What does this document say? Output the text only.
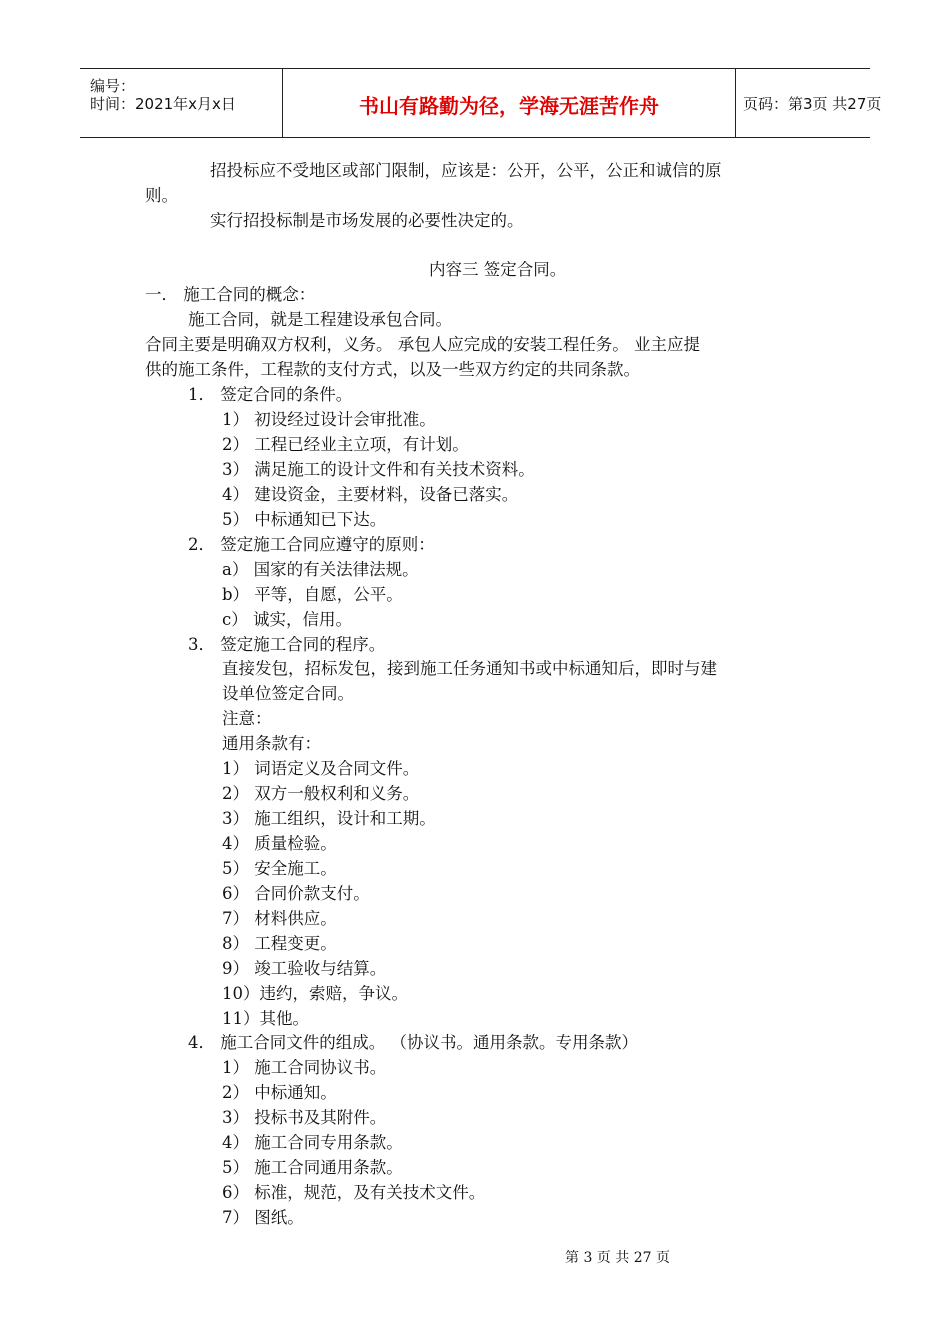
编号：
时间：2021年x月x日	书山有路勤为径，学海无涯苦作舟	页码：第3页 共27页
招投标应不受地区或部门限制，应该是：公开，公平，公正和诚信的原
则。
实行招投标制是市场发展的必要性决定的。
内容三 签定合同。
一． 施工合同的概念：
施工合同，就是工程建设承包合同。
合同主要是明确双方权利，义务。 承包人应完成的安装工程任务。 业主应提
供的施工条件，工程款的支付方式，以及一些双方约定的共同条款。
1． 签定合同的条件。
1） 初设经过设计会审批准。
2） 工程已经业主立项，有计划。
3） 满足施工的设计文件和有关技术资料。
4） 建设资金，主要材料，设备已落实。
5） 中标通知已下达。
2． 签定施工合同应遵守的原则：
a） 国家的有关法律法规。
b） 平等，自愿，公平。
c） 诚实，信用。
3． 签定施工合同的程序。
直接发包，招标发包，接到施工任务通知书或中标通知后，即时与建
设单位签定合同。
注意：
通用条款有：
1） 词语定义及合同文件。
2） 双方一般权利和义务。
3） 施工组织，设计和工期。
4） 质量检验。
5） 安全施工。
6） 合同价款支付。
7） 材料供应。
8） 工程变更。
9） 竣工验收与结算。
10）违约，索赔，争议。
11）其他。
4． 施工合同文件的组成。 （协议书。通用条款。专用条款）
1） 施工合同协议书。
2） 中标通知。
3） 投标书及其附件。
4） 施工合同专用条款。
5） 施工合同通用条款。
6） 标准，规范，及有关技术文件。
7） 图纸。
第 3 页 共 27 页
